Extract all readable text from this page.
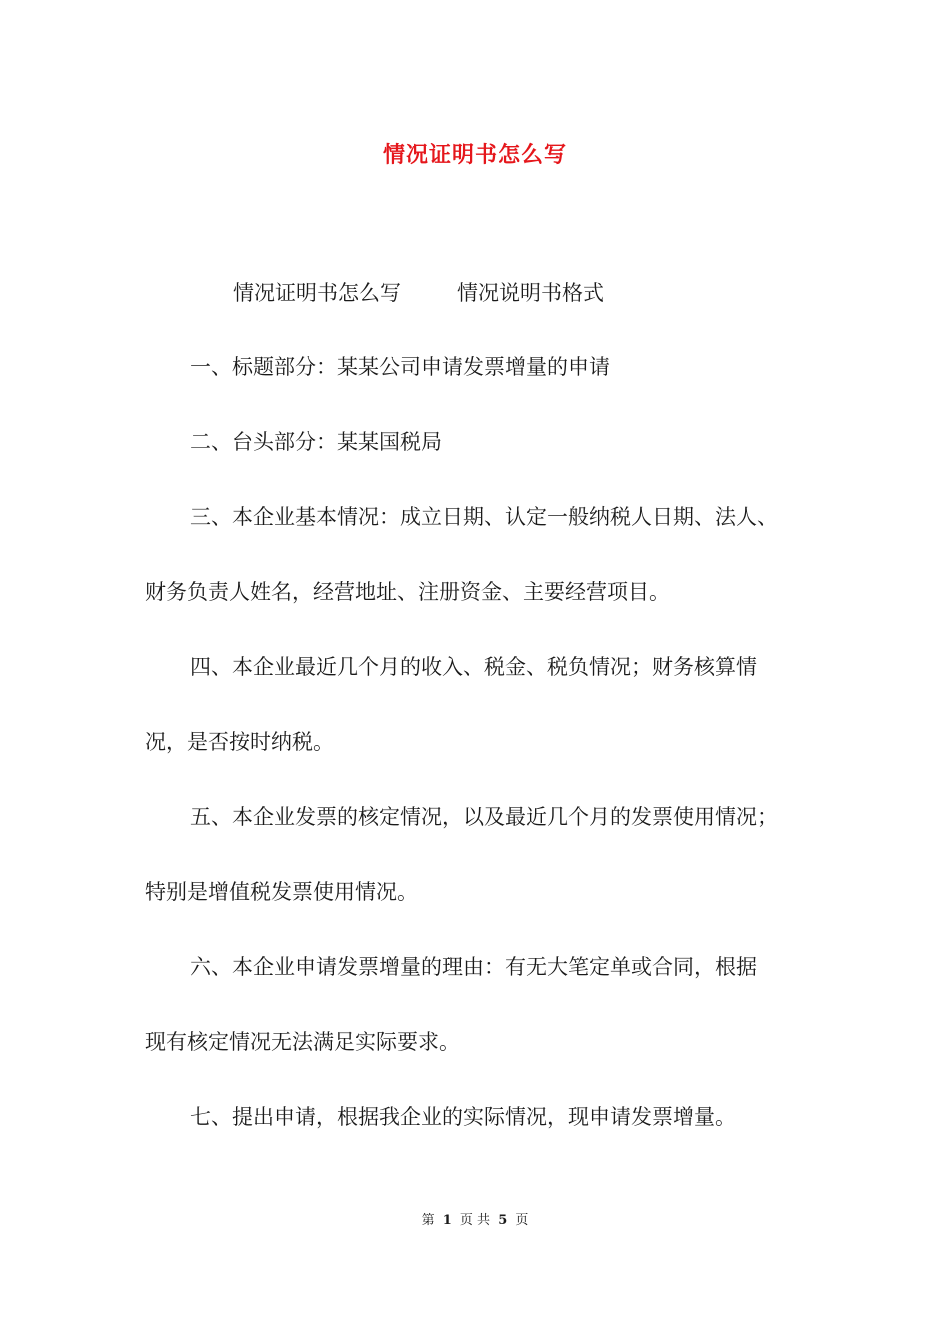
情况证明书怎么写
情况证明书怎么写	情况说明书格式
一、标题部分：某某公司申请发票增量的申请
二、台头部分：某某国税局
三、本企业基本情况：成立日期、认定一般纳税人日期、法人、
财务负责人姓名，经营地址、注册资金、主要经营项目。
四、本企业最近几个月的收入、税金、税负情况；财务核算情
况，是否按时纳税。
五、本企业发票的核定情况，以及最近几个月的发票使用情况；
特别是增值税发票使用情况。
六、本企业申请发票增量的理由：有无大笔定单或合同，根据
现有核定情况无法满足实际要求。
七、提出申请，根据我企业的实际情况，现申请发票增量。
第 1 页 共 5 页
